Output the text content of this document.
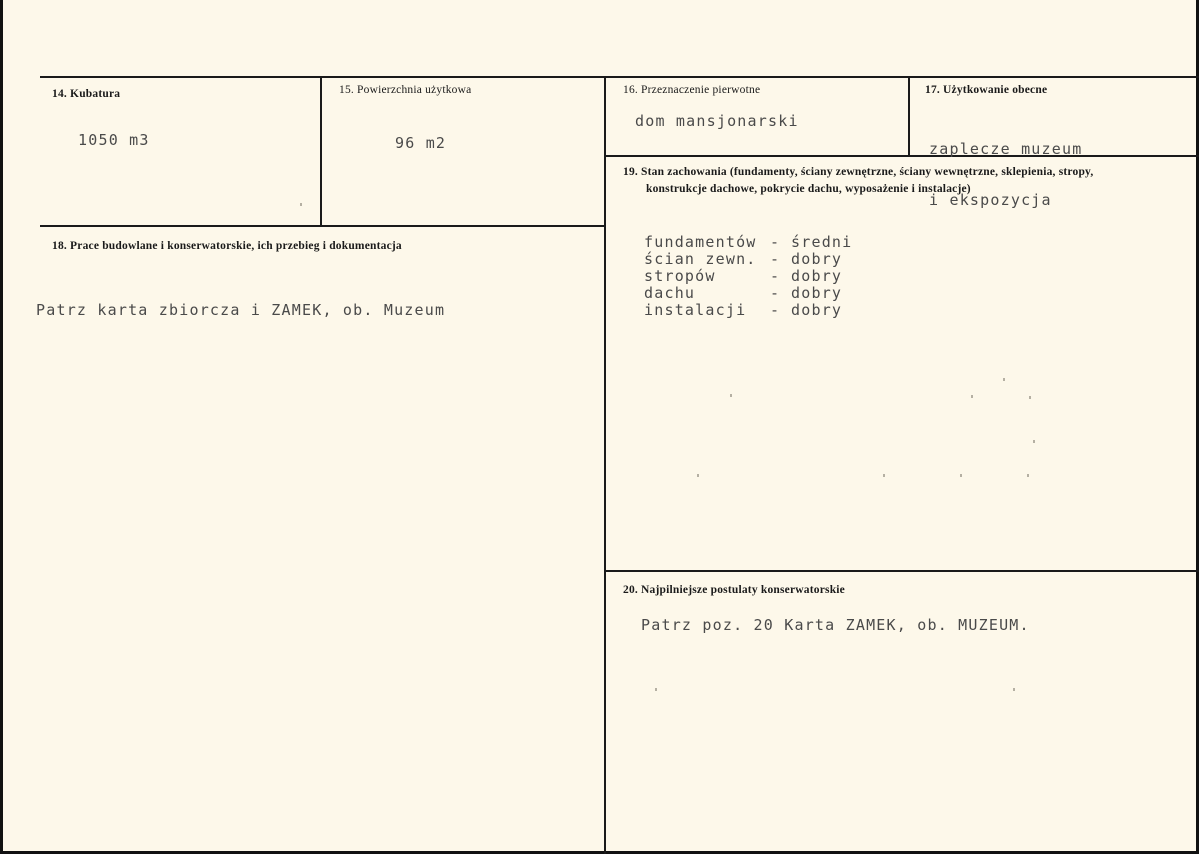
14. Kubatura
1050 m3
15. Powierzchnia użytkowa
96 m2
16. Przeznaczenie pierwotne
dom mansjonarski
17. Użytkowanie obecne

zaplecze muzeum

i ekspozycja

18. Prace budowlane i konserwatorskie, ich przebieg i dokumentacja
Patrz karta zbiorcza i ZAMEK, ob. Muzeum
19. Stan zachowania (fundamenty, ściany zewnętrzne, ściany wewnętrzne, sklepienia, stropy,
konstrukcje dachowe, pokrycie dachu, wyposażenie i instalacje)
fundamentów - średni
ścian zewn. - dobry
stropów	- dobry
dachu	- dobry
instalacji - dobry
20. Najpilniejsze postulaty konserwatorskie
Patrz poz. 20 Karta ZAMEK, ob. MUZEUM.
